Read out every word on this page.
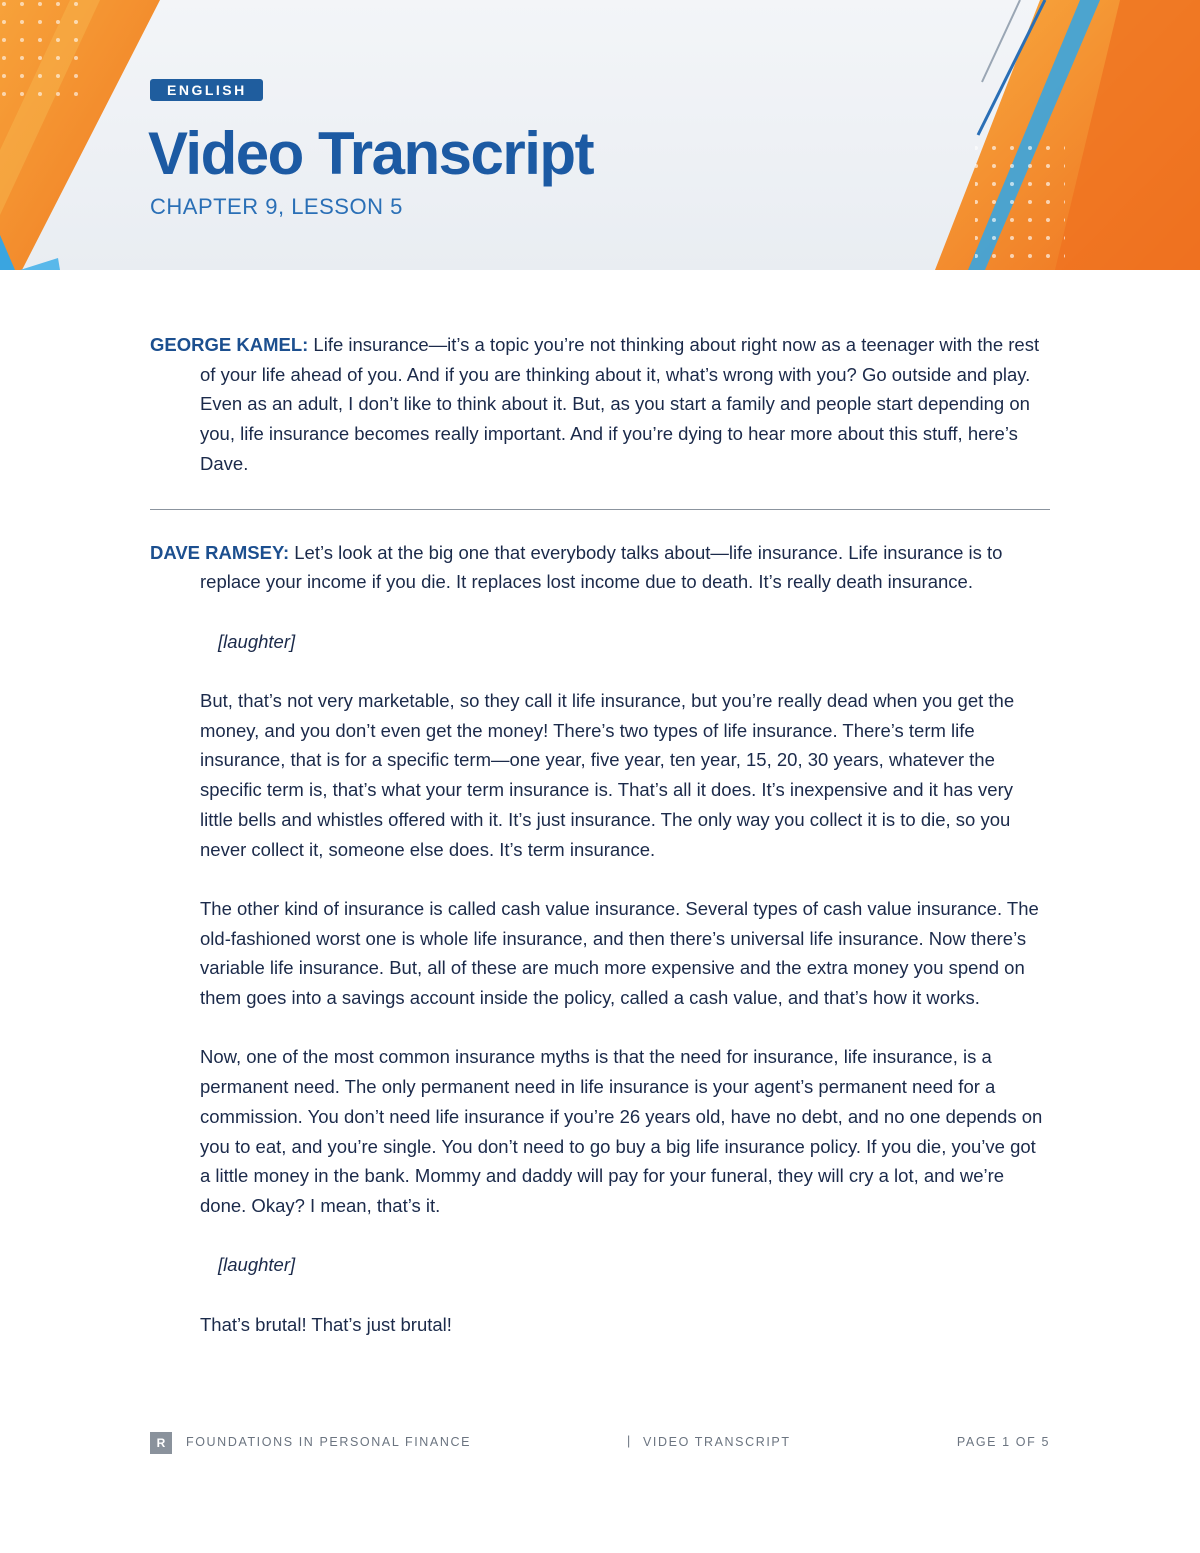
ENGLISH
Video Transcript
CHAPTER 9, LESSON 5

GEORGE KAMEL: Life insurance—it’s a topic you’re not thinking about right now as a teenager with the rest of your life ahead of you. And if you are thinking about it, what’s wrong with you? Go outside and play. Even as an adult, I don’t like to think about it. But, as you start a family and people start depending on you, life insurance becomes really important. And if you’re dying to hear more about this stuff, here’s Dave.

DAVE RAMSEY: Let’s look at the big one that everybody talks about—life insurance. Life insurance is to replace your income if you die. It replaces lost income due to death. It’s really death insurance.

[laughter]

But, that’s not very marketable, so they call it life insurance, but you’re really dead when you get the money, and you don’t even get the money! There’s two types of life insurance. There’s term life insurance, that is for a specific term—one year, five year, ten year, 15, 20, 30 years, whatever the specific term is, that’s what your term insurance is. That’s all it does. It’s inexpensive and it has very little bells and whistles offered with it. It’s just insurance. The only way you collect it is to die, so you never collect it, someone else does. It’s term insurance.

The other kind of insurance is called cash value insurance. Several types of cash value insurance. The old-fashioned worst one is whole life insurance, and then there’s universal life insurance. Now there’s variable life insurance. But, all of these are much more expensive and the extra money you spend on them goes into a savings account inside the policy, called a cash value, and that’s how it works.

Now, one of the most common insurance myths is that the need for insurance, life insurance, is a permanent need. The only permanent need in life insurance is your agent’s permanent need for a commission. You don’t need life insurance if you’re 26 years old, have no debt, and no one depends on you to eat, and you’re single. You don’t need to go buy a big life insurance policy. If you die, you’ve got a little money in the bank. Mommy and daddy will pay for your funeral, they will cry a lot, and we’re done. Okay? I mean, that’s it.

[laughter]

That’s brutal! That’s just brutal!

R	FOUNDATIONS IN PERSONAL FINANCE	| VIDEO TRANSCRIPT	PAGE 1 OF 5
